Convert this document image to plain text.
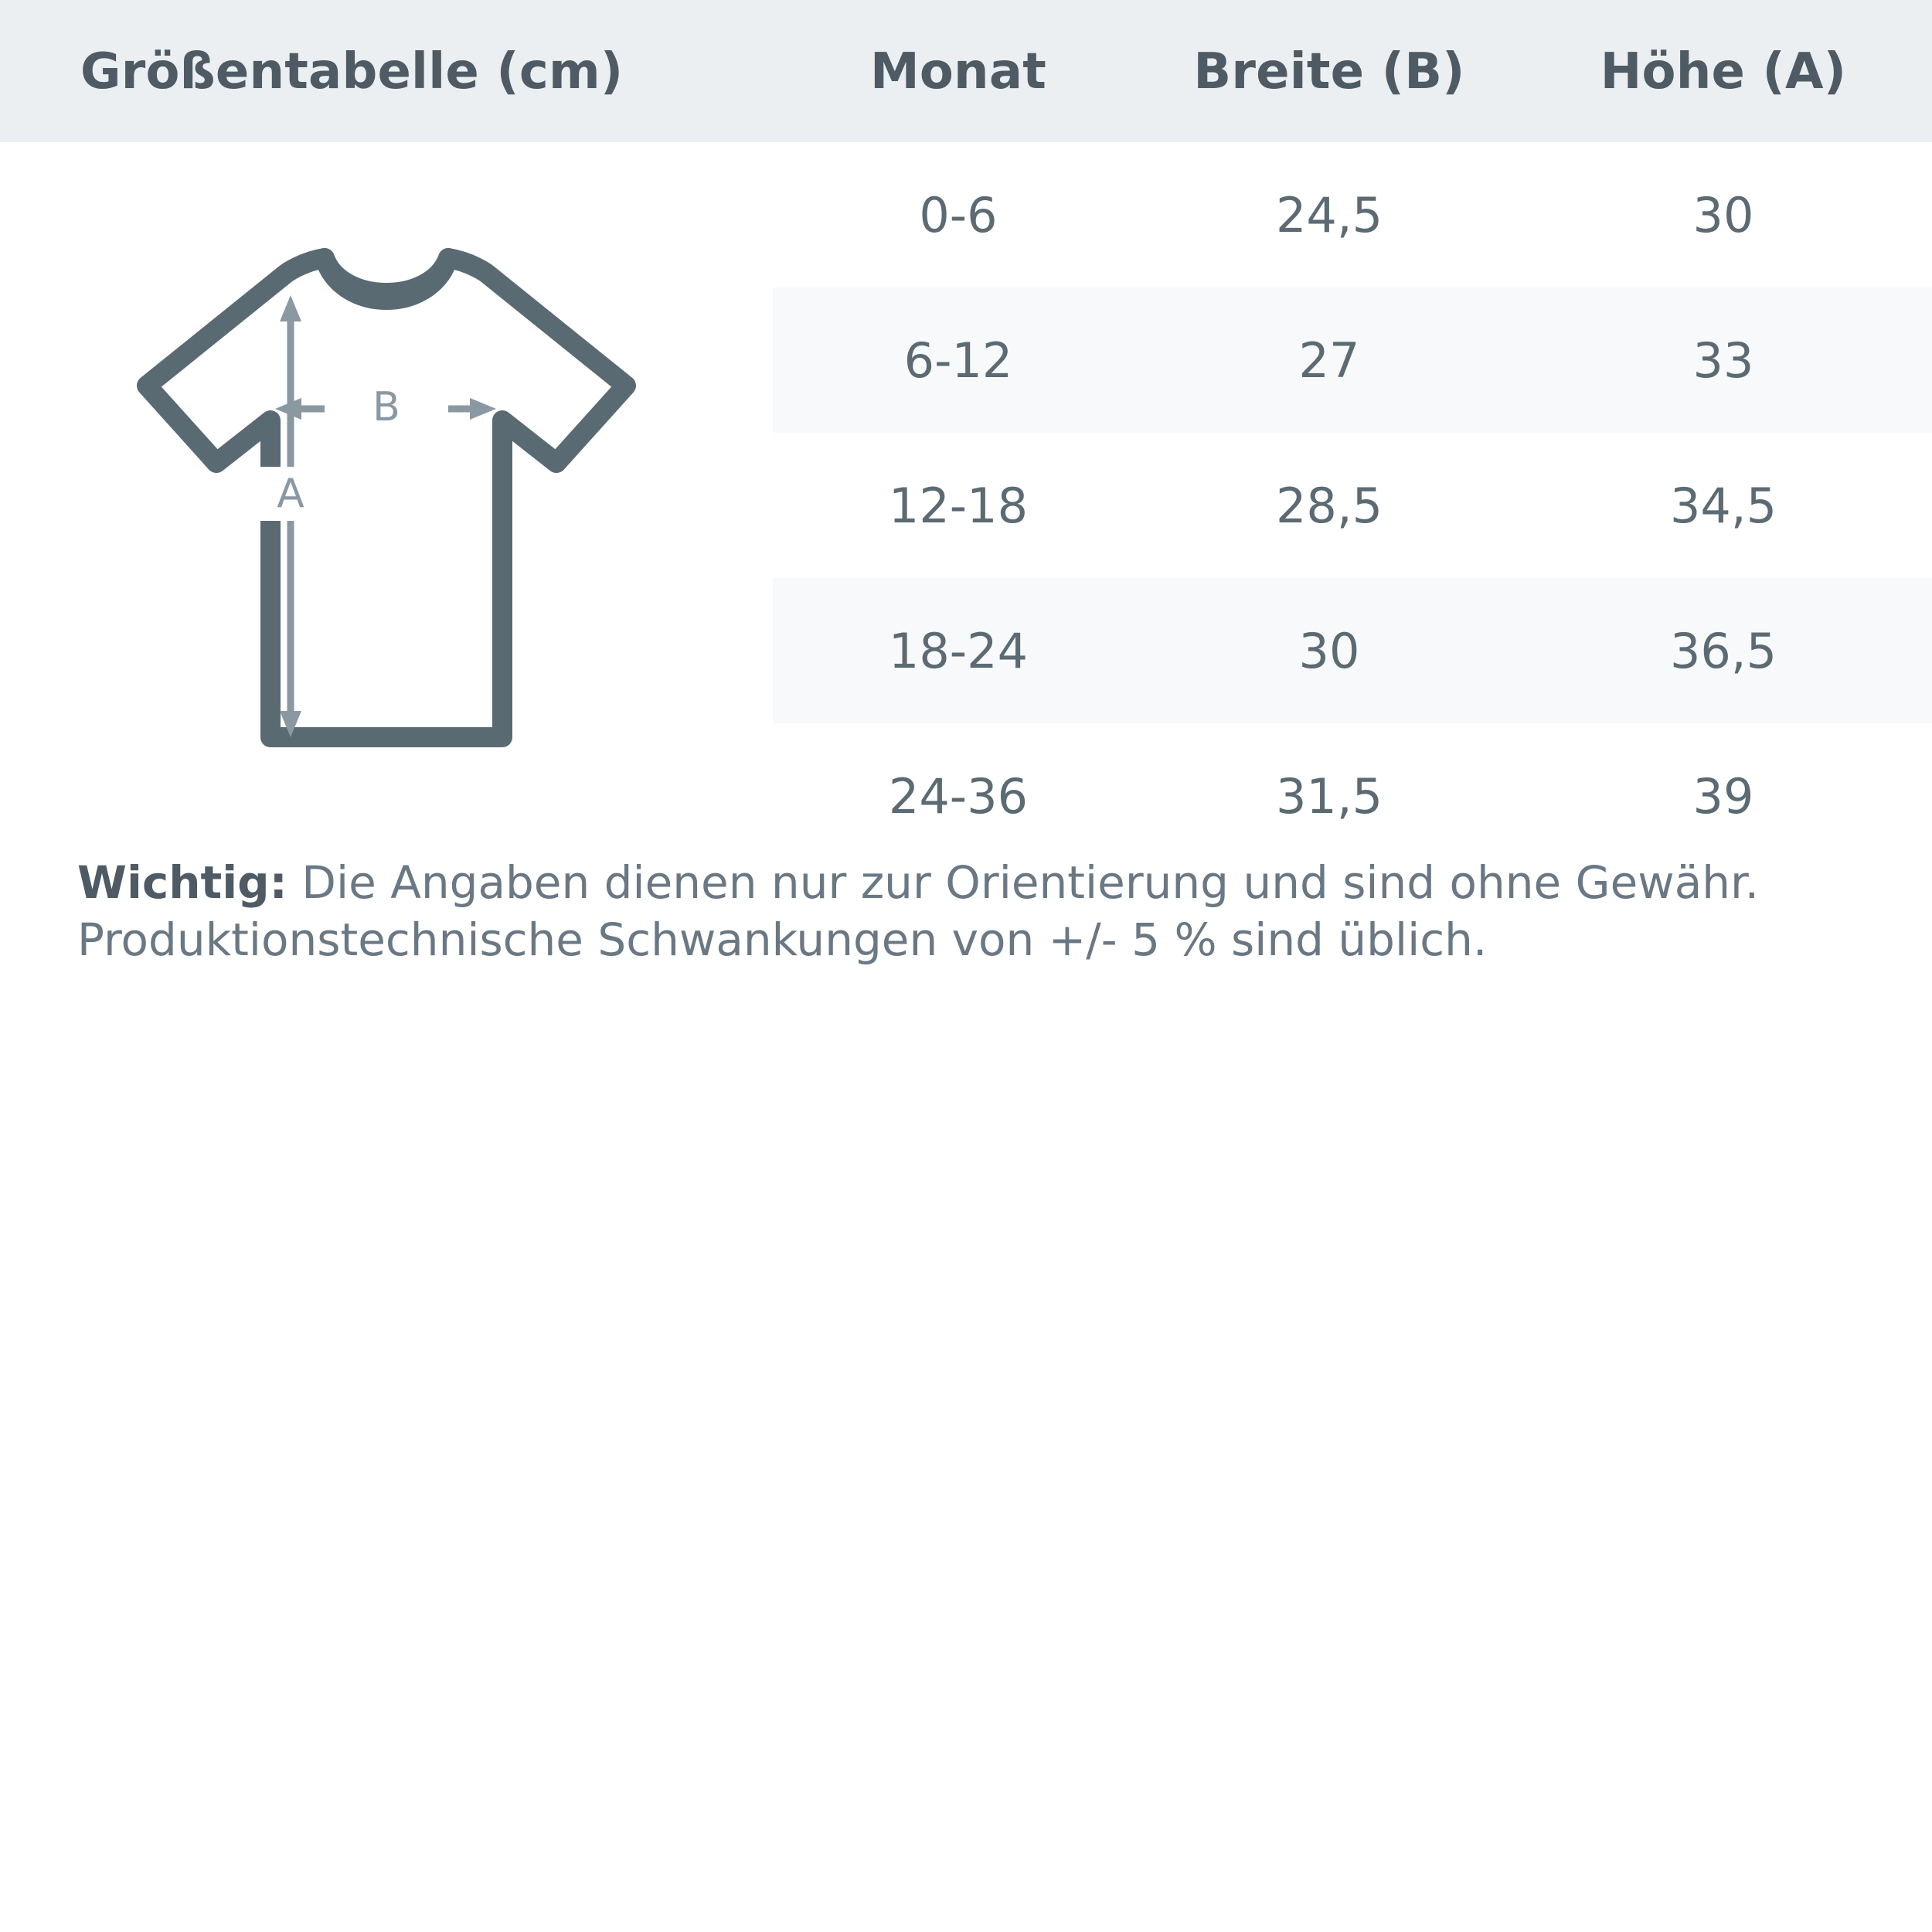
Größentabelle (cm)	Monat	Breite (B)	Höhe (A)

B
A	0-6	24,5	30
	6-12	27	33
	12-18	28,5	34,5
	18-24	30	36,5
	24-36	31,5	39
Wichtig: Die Angaben dienen nur zur Orientierung und sind ohne Gewähr. Produktionstechnische Schwankungen von +/- 5 % sind üblich.
